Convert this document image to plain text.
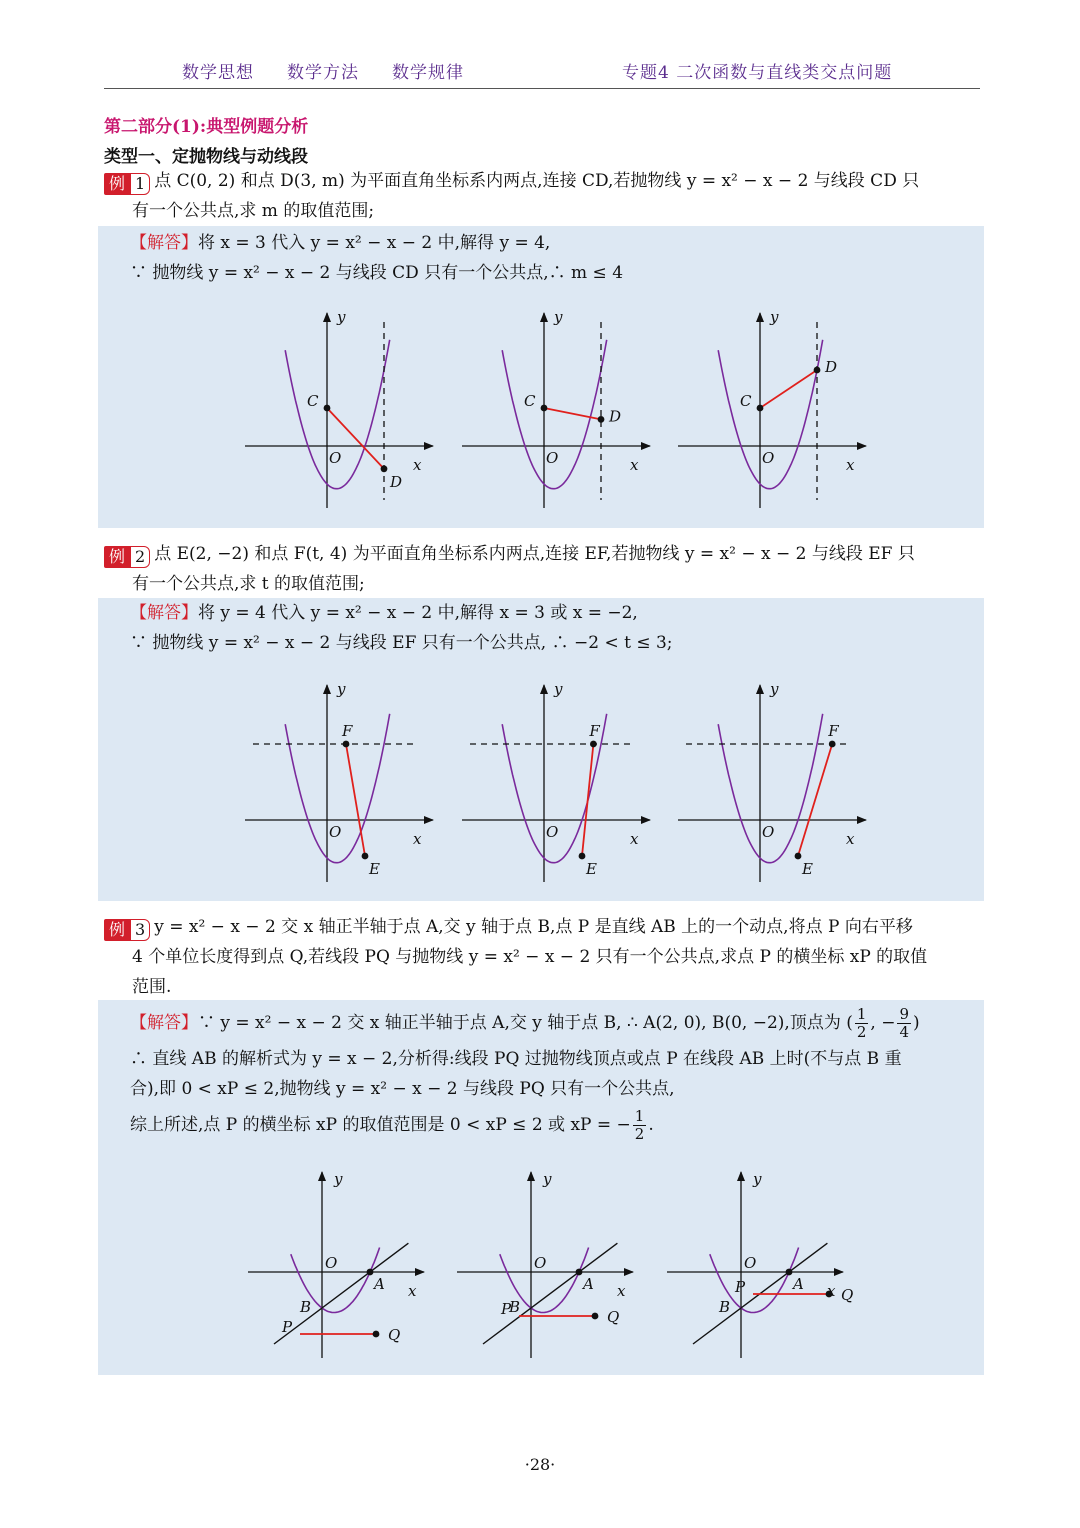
数学思想 数学方法 数学规律	专题4 二次函数与直线类交点问题
第二部分(1):典型例题分析
类型一、定抛物线与动线段
例 1 点 C(0, 2) 和点 D(3, m) 为平面直角坐标系内两点,连接 CD,若抛物线 y = x² − x − 2 与线段 CD 只
有一个公共点,求 m 的取值范围;
【解答】将 x = 3 代入 y = x² − x − 2 中,解得 y = 4,
∵ 抛物线 y = x² − x − 2 与线段 CD 只有一个公共点,∴ m ≤ 4
例 2 点 E(2, −2) 和点 F(t, 4) 为平面直角坐标系内两点,连接 EF,若抛物线 y = x² − x − 2 与线段 EF 只
有一个公共点,求 t 的取值范围;
【解答】将 y = 4 代入 y = x² − x − 2 中,解得 x = 3 或 x = −2,
∵ 抛物线 y = x² − x − 2 与线段 EF 只有一个公共点, ∴ −2 < t ≤ 3;
例 3 y = x² − x − 2 交 x 轴正半轴于点 A,交 y 轴于点 B,点 P 是直线 AB 上的一个动点,将点 P 向右平移
4 个单位长度得到点 Q,若线段 PQ 与抛物线 y = x² − x − 2 只有一个公共点,求点 P 的横坐标 xP 的取值
范围.
【解答】∵ y = x² − x − 2 交 x 轴正半轴于点 A,交 y 轴于点 B, ∴ A(2, 0), B(0, −2),顶点为 ( $\frac{1}{2}$ , − $\frac{9}{4}$ )
∴ 直线 AB 的解析式为 y = x − 2,分析得:线段 PQ 过抛物线顶点或点 P 在线段 AB 上时(不与点 B 重
合),即 0 < xP ≤ 2,抛物线 y = x² − x − 2 与线段 PQ 只有一个公共点,
综上所述,点 P 的横坐标 xP 的取值范围是 0 < xP ≤ 2 或 xP = − $\frac{1}{2}$ .
C
D
O	x
y
C
D
O	x
y
C
D
O	x
y
E
F
O	x
y
E
F
O	x
y
E
F
O	x
y
Q
P
A
B
O
x
y
Q
P
A
B
O
x
y
Q
P	A
B
O
x
y
·28·
